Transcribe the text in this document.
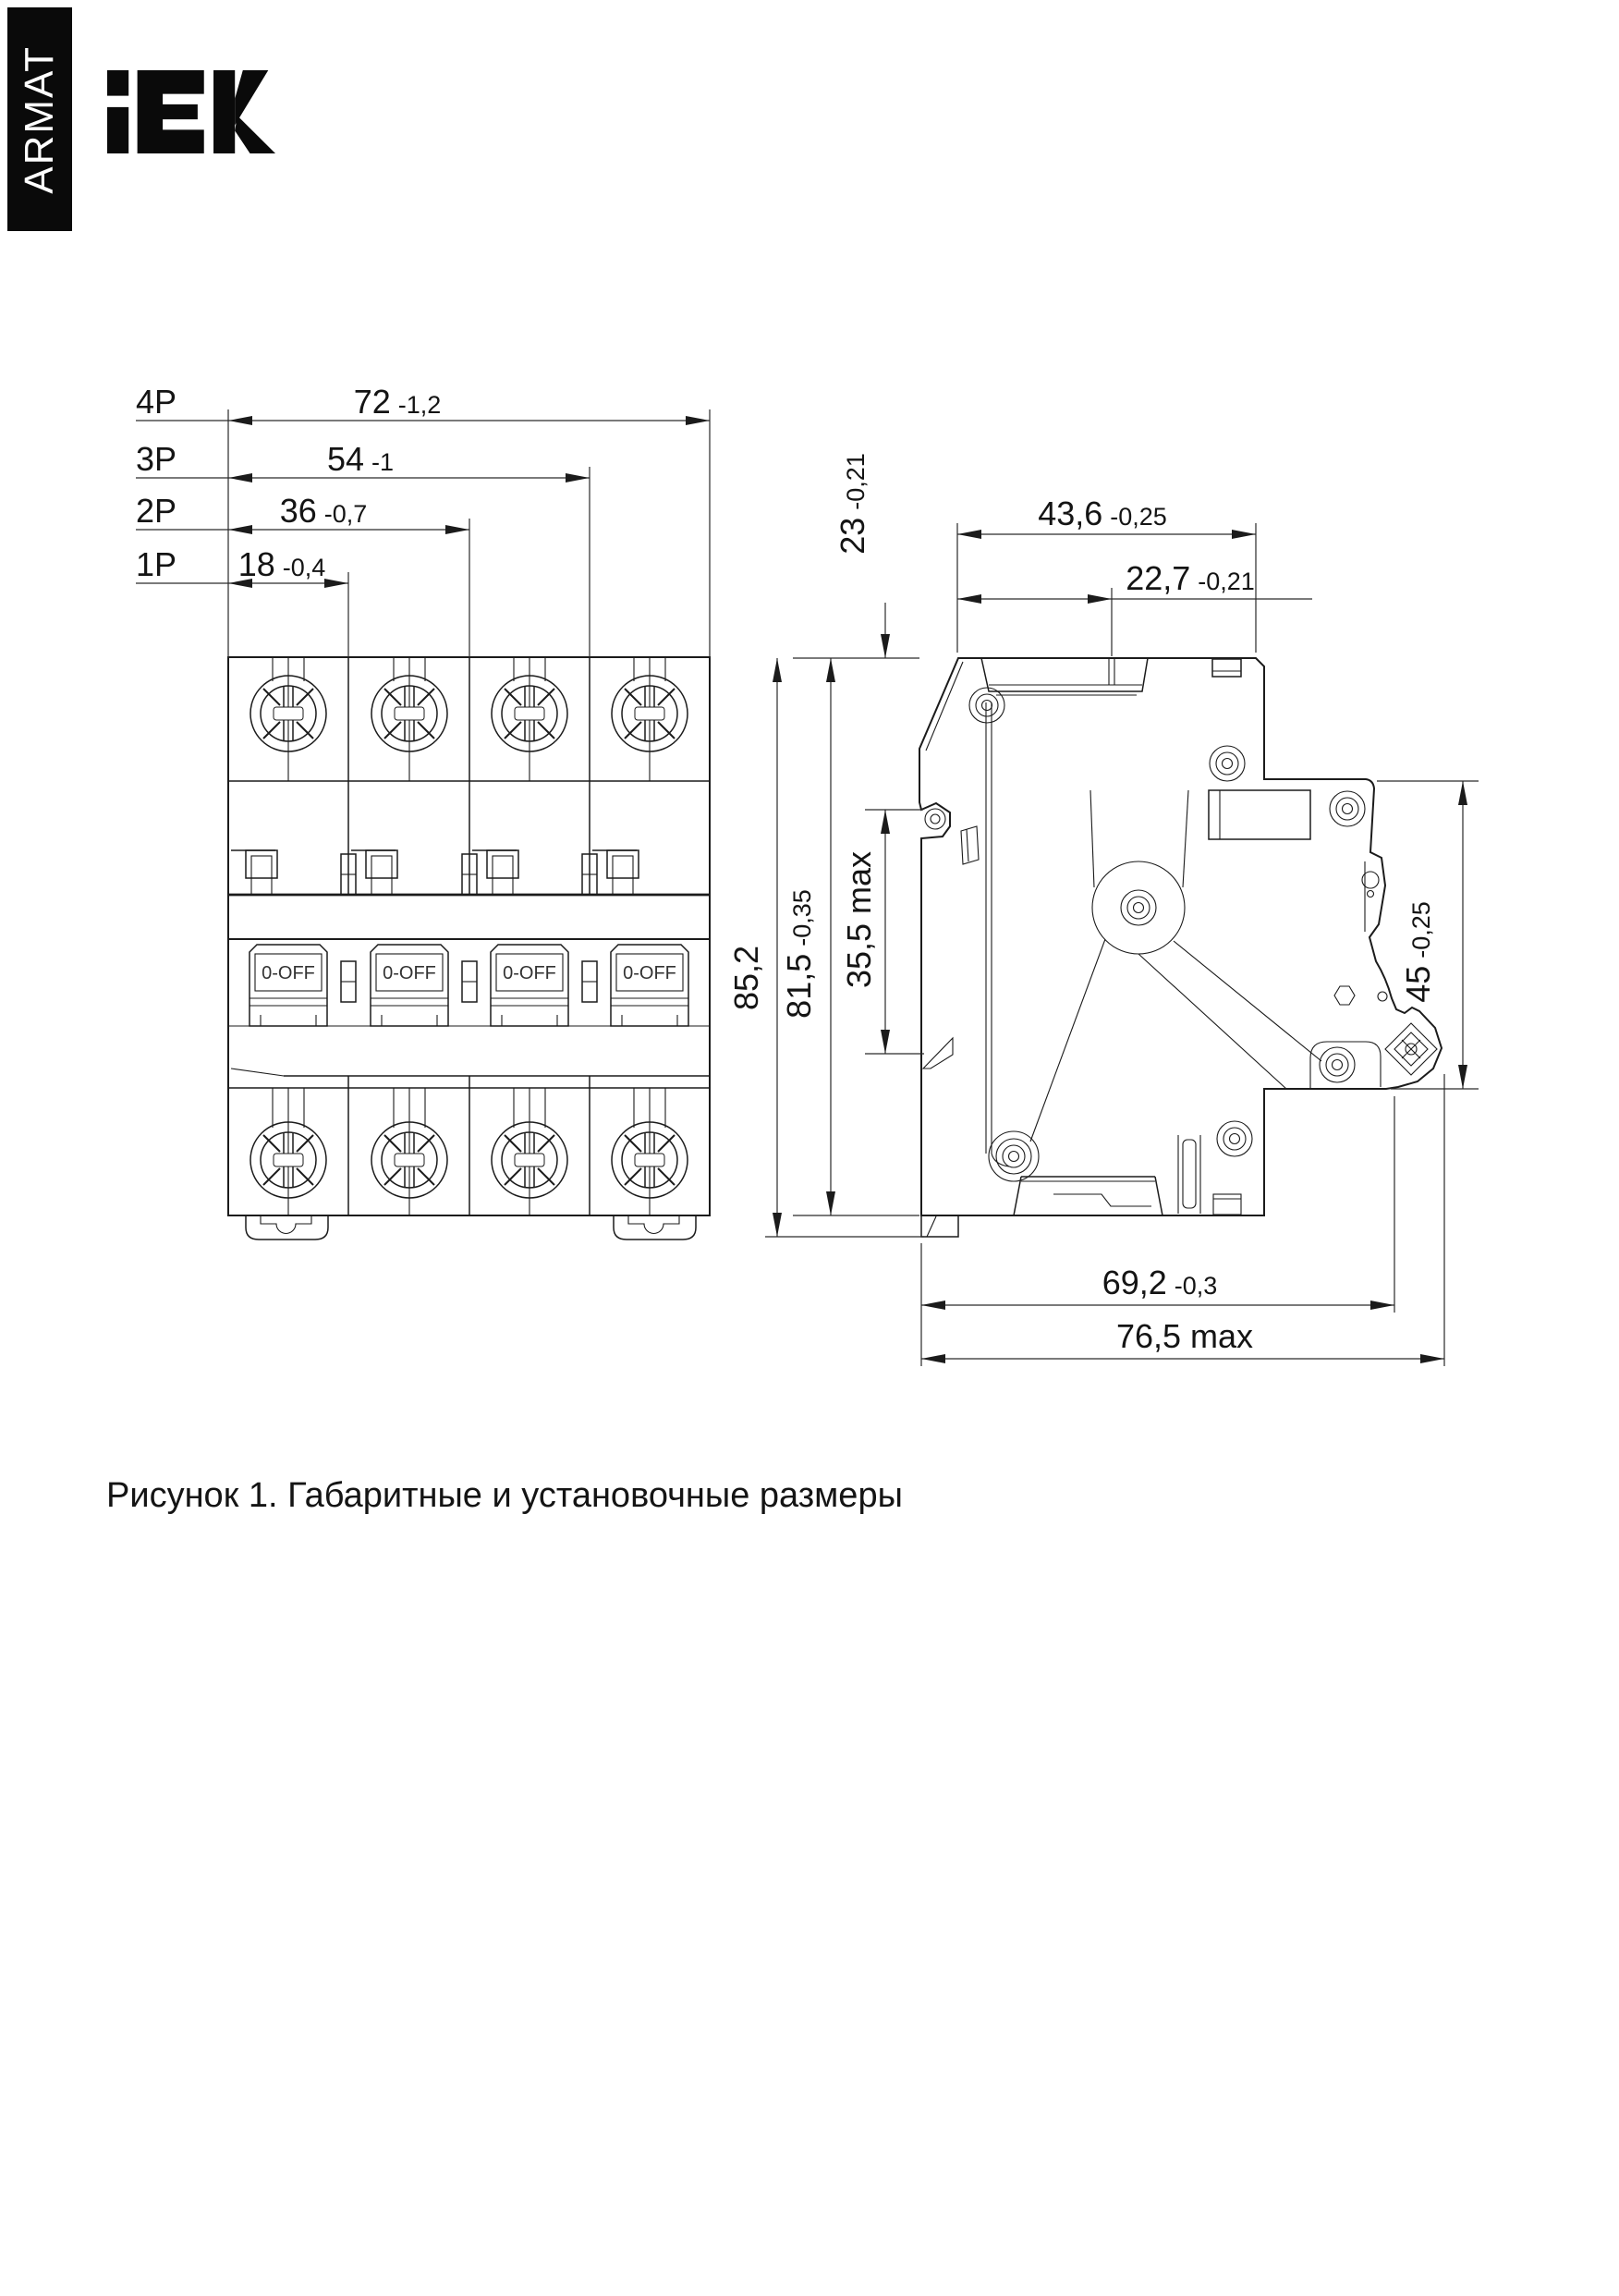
ARMAT
0-OFF	0-OFF	0-OFF	0-OFF
4P
3P
2P
1P
72 -1,2
54 -1
36 -0,7
18 -0,4
43,6 -0,25
22,7 -0,21
23-0,21
35,5 max
81,5-0,35
85,2	45-0,25
69,2 -0,3
76,5 max
Рисунок 1. Габаритные и установочные размеры
